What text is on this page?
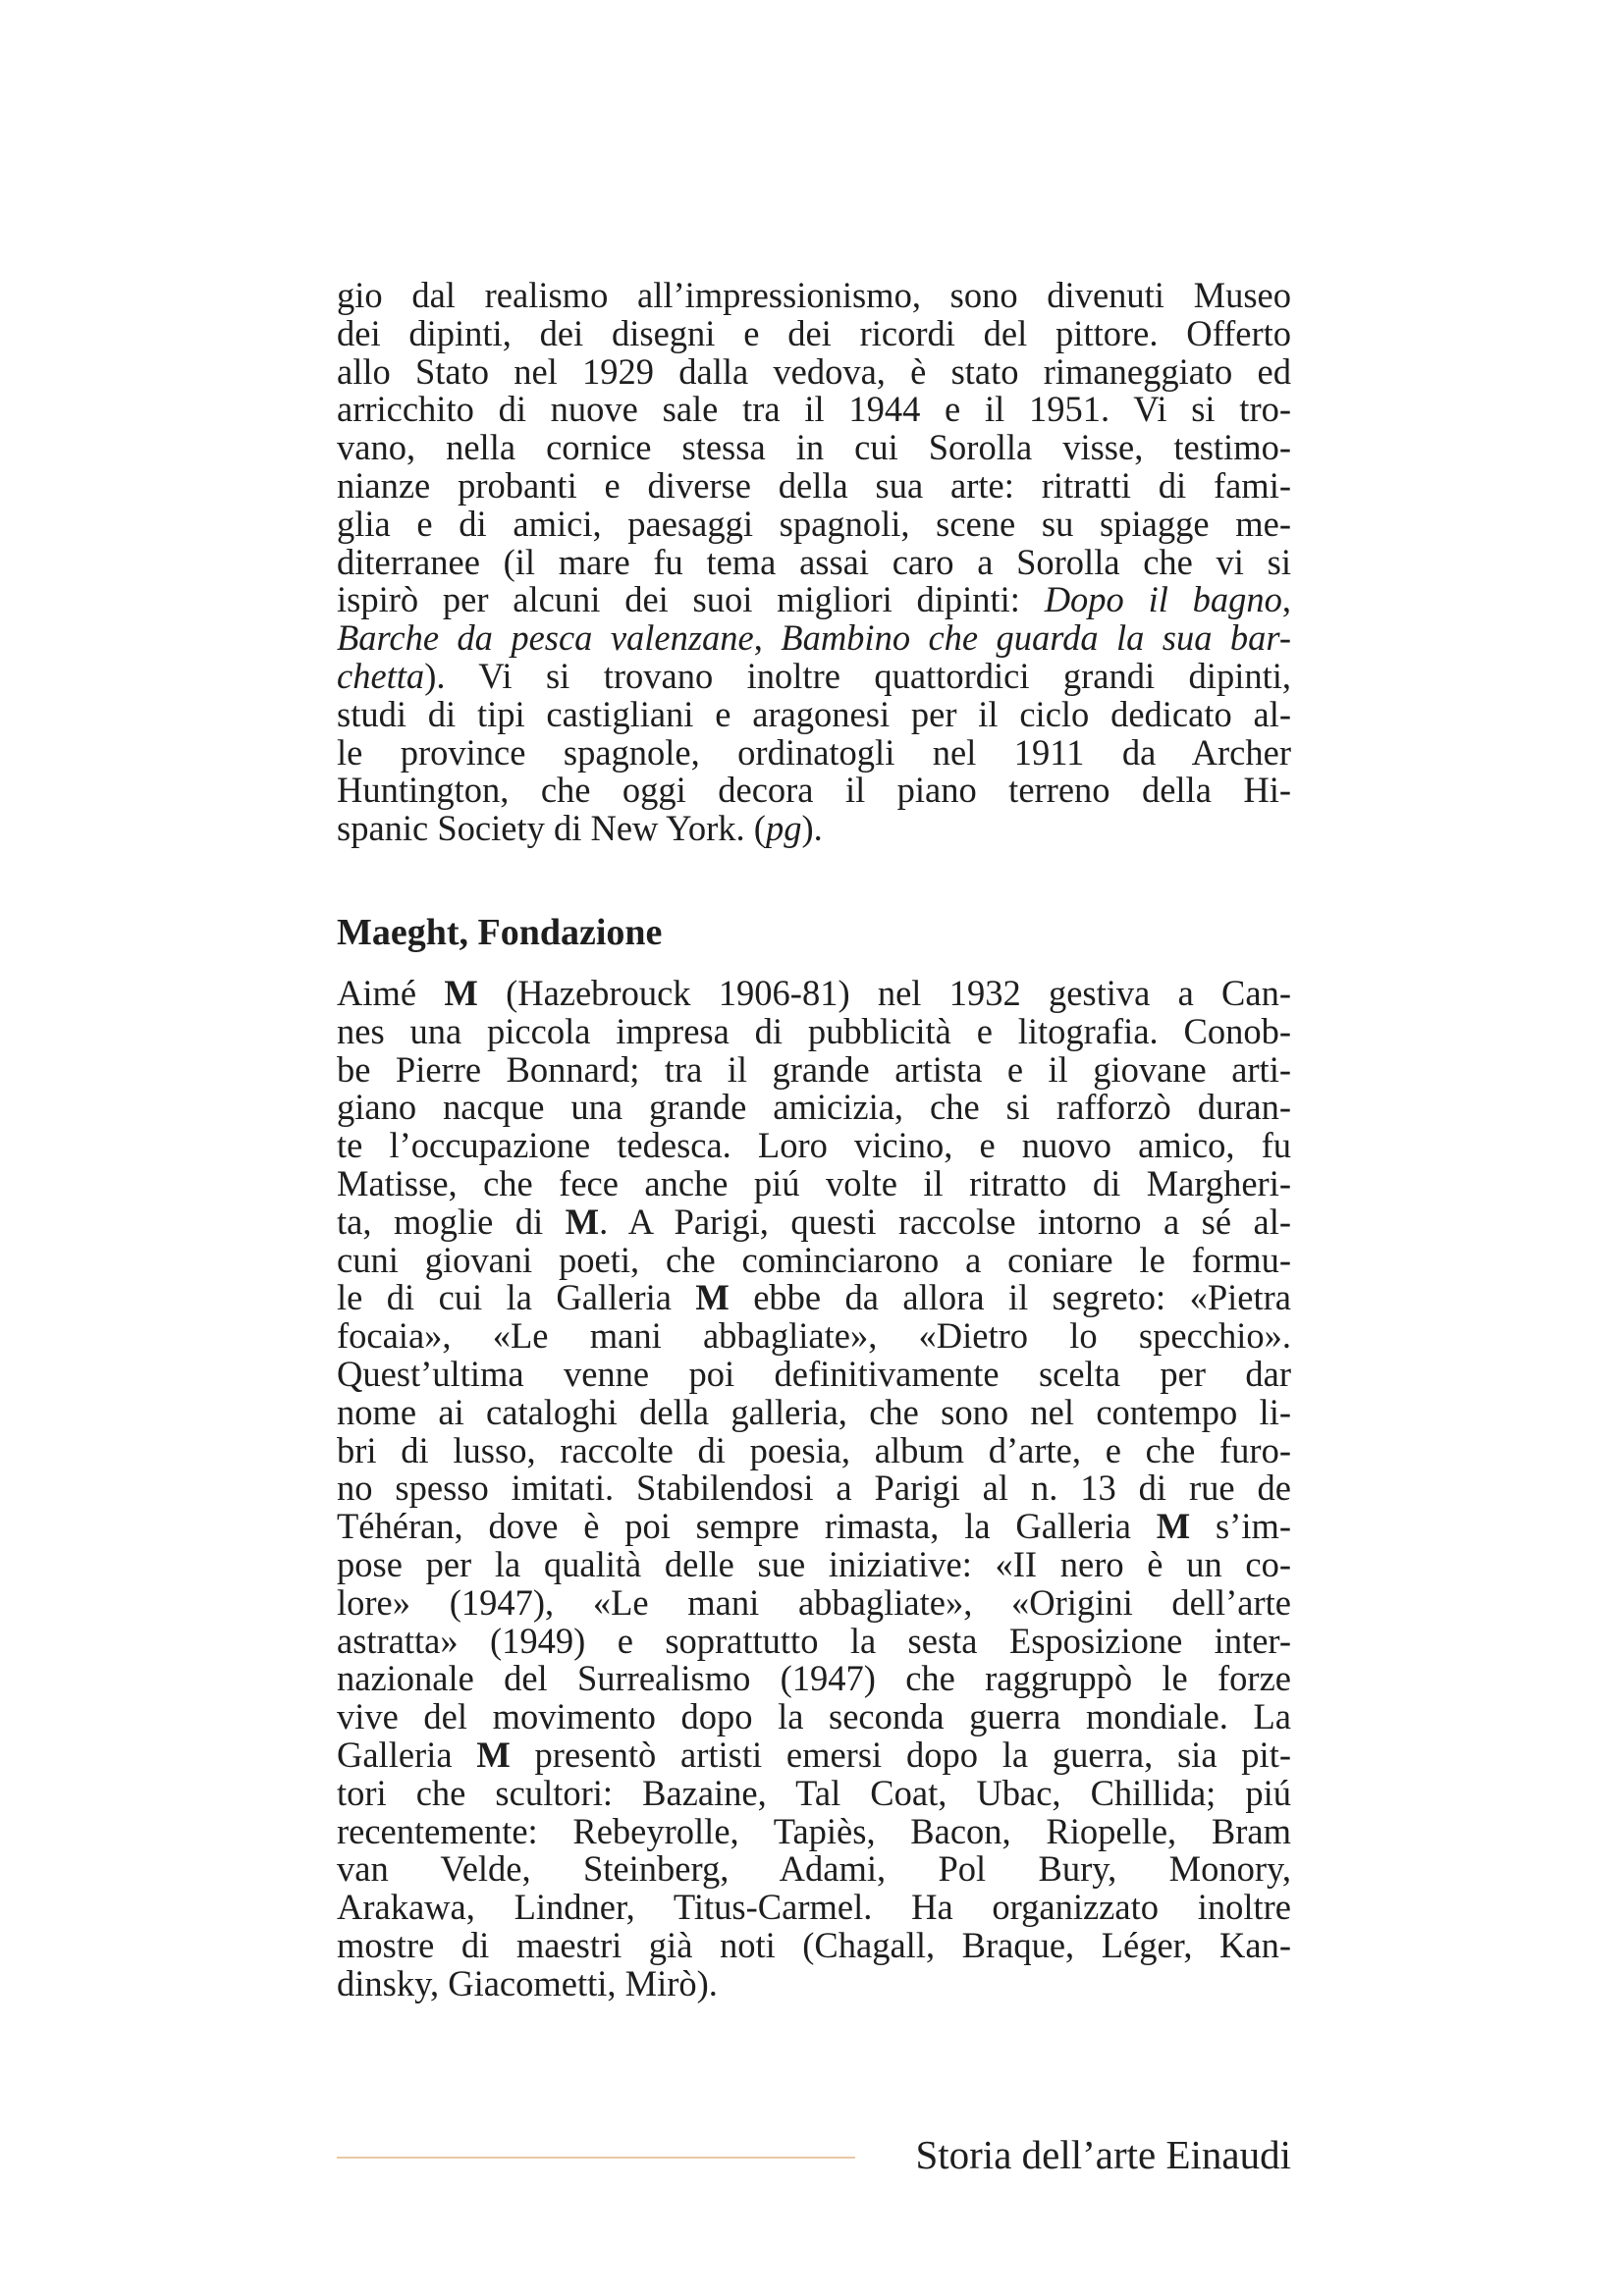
gio dal realismo all’impressionismo, sono divenuti Museo
dei dipinti, dei disegni e dei ricordi del pittore. Offerto
allo Stato nel 1929 dalla vedova, è stato rimaneggiato ed
arricchito di nuove sale tra il 1944 e il 1951. Vi si tro-
vano, nella cornice stessa in cui Sorolla visse, testimo-
nianze probanti e diverse della sua arte: ritratti di fami-
glia e di amici, paesaggi spagnoli, scene su spiagge me-
diterranee (il mare fu tema assai caro a Sorolla che vi si
ispirò per alcuni dei suoi migliori dipinti: Dopo il bagno,
Barche da pesca valenzane, Bambino che guarda la sua bar-
chetta). Vi si trovano inoltre quattordici grandi dipinti,
studi di tipi castigliani e aragonesi per il ciclo dedicato al-
le province spagnole, ordinatogli nel 1911 da Archer
Huntington, che oggi decora il piano terreno della Hi-
spanic Society di New York. (pg).

Maeght, Fondazione

Aimé M (Hazebrouck 1906-81) nel 1932 gestiva a Can-
nes una piccola impresa di pubblicità e litografia. Conob-
be Pierre Bonnard; tra il grande artista e il giovane arti-
giano nacque una grande amicizia, che si rafforzò duran-
te l’occupazione tedesca. Loro vicino, e nuovo amico, fu
Matisse, che fece anche piú volte il ritratto di Margheri-
ta, moglie di M. A Parigi, questi raccolse intorno a sé al-
cuni giovani poeti, che cominciarono a coniare le formu-
le di cui la Galleria M ebbe da allora il segreto: «Pietra
focaia», «Le mani abbagliate», «Dietro lo specchio».
Quest’ultima venne poi definitivamente scelta per dar
nome ai cataloghi della galleria, che sono nel contempo li-
bri di lusso, raccolte di poesia, album d’arte, e che furo-
no spesso imitati. Stabilendosi a Parigi al n. 13 di rue de
Téhéran, dove è poi sempre rimasta, la Galleria M s’im-
pose per la qualità delle sue iniziative: «II nero è un co-
lore» (1947), «Le mani abbagliate», «Origini dell’arte
astratta» (1949) e soprattutto la sesta Esposizione inter-
nazionale del Surrealismo (1947) che raggruppò le forze
vive del movimento dopo la seconda guerra mondiale. La
Galleria M presentò artisti emersi dopo la guerra, sia pit-
tori che scultori: Bazaine, Tal Coat, Ubac, Chillida; piú
recentemente: Rebeyrolle, Tapiès, Bacon, Riopelle, Bram
van Velde, Steinberg, Adami, Pol Bury, Monory,
Arakawa, Lindner, Titus-Carmel. Ha organizzato inoltre
mostre di maestri già noti (Chagall, Braque, Léger, Kan-
dinsky, Giacometti, Mirò).

Storia dell’arte Einaudi
